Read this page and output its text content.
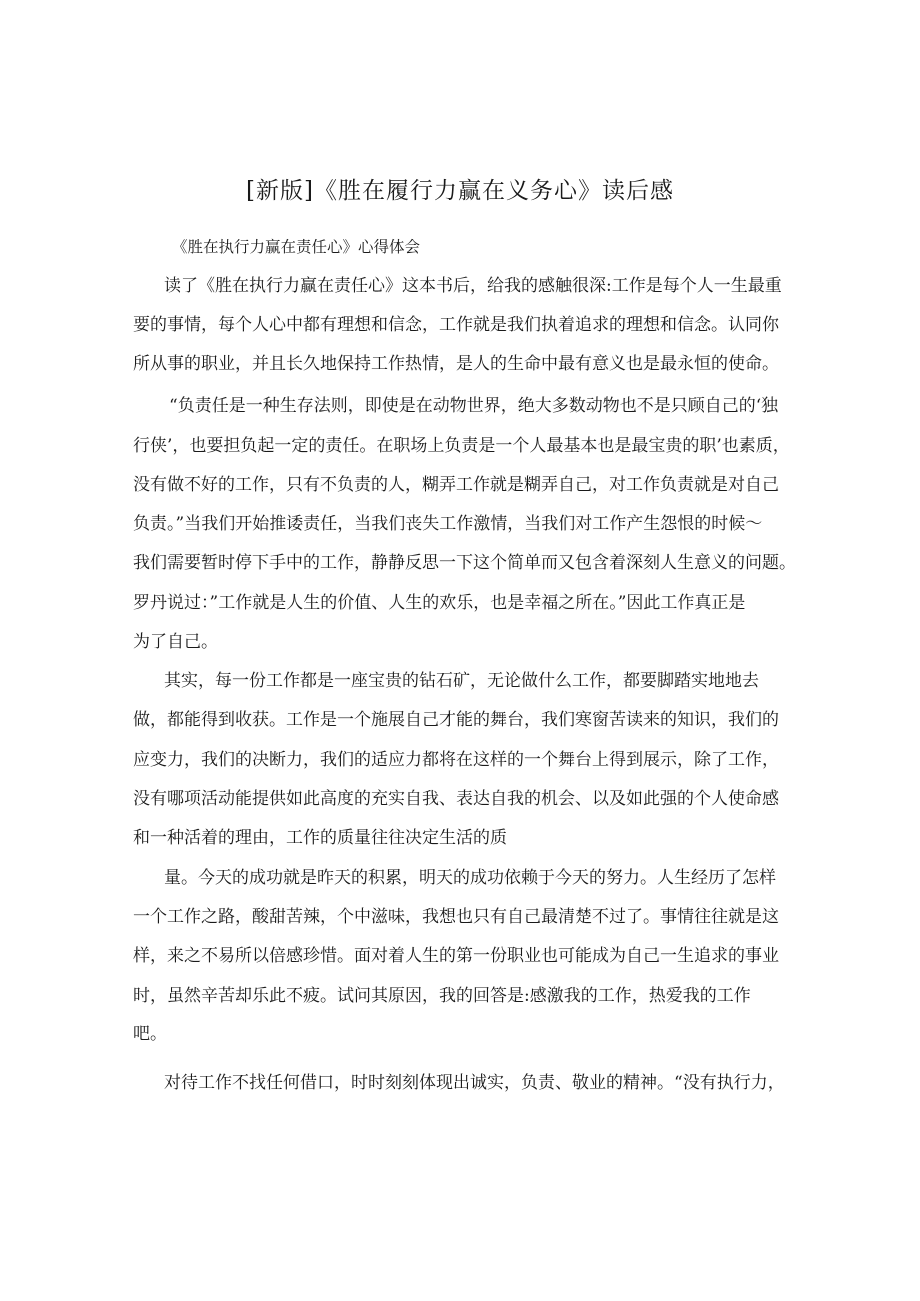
[新版]《胜在履行力赢在义务心》读后感
《胜在执行力赢在责任心》心得体会
读了《胜在执行力赢在责任心》这本书后，给我的感触很深:工作是每个人一生最重
要的事情，每个人心中都有理想和信念，工作就是我们执着追求的理想和信念。认同你
所从事的职业，并且长久地保持工作热情，是人的生命中最有意义也是最永恒的使命。
“负责任是一种生存法则，即使是在动物世界，绝大多数动物也不是只顾自己的‘独
行侠’，也要担负起一定的责任。在职场上负责是一个人最基本也是最宝贵的职’也素质，
没有做不好的工作，只有不负责的人，糊弄工作就是糊弄自己，对工作负责就是对自己
负责。”当我们开始推诿责任，当我们丧失工作激情，当我们对工作产生怨恨的时候～
我们需要暂时停下手中的工作，静静反思一下这个简单而又包含着深刻人生意义的问题。
罗丹说过：”工作就是人生的价值、人生的欢乐，也是幸福之所在。”因此工作真正是
为了自己。
其实，每一份工作都是一座宝贵的钻石矿，无论做什么工作，都要脚踏实地地去
做，都能得到收获。工作是一个施展自己才能的舞台，我们寒窗苦读来的知识，我们的
应变力，我们的决断力，我们的适应力都将在这样的一个舞台上得到展示，除了工作，
没有哪项活动能提供如此高度的充实自我、表达自我的机会、以及如此强的个人使命感
和一种活着的理由，工作的质量往往决定生活的质
量。今天的成功就是昨天的积累，明天的成功依赖于今天的努力。人生经历了怎样
一个工作之路，酸甜苦辣，个中滋味，我想也只有自己最清楚不过了。事情往往就是这
样，来之不易所以倍感珍惜。面对着人生的第一份职业也可能成为自己一生追求的事业
时，虽然辛苦却乐此不疲。试问其原因，我的回答是:感激我的工作，热爱我的工作
吧。
对待工作不找任何借口，时时刻刻体现出诚实，负责、敬业的精神。“没有执行力，
